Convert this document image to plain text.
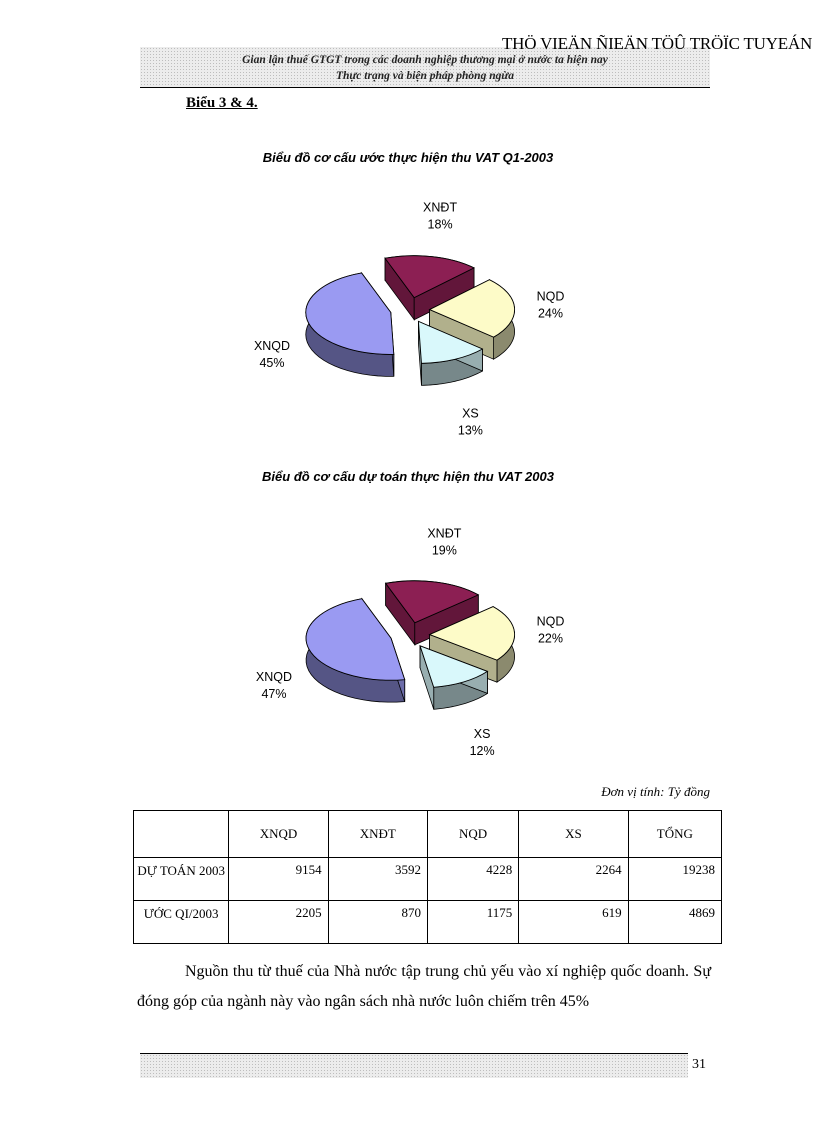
THÖ VIEÄN ÑIEÄN TÖÛ TRÖÏC TUYEÁN
Gian lận thuế GTGT trong các doanh nghiệp thương mại ở nước ta hiện nay
Thực trạng và biện pháp phòng ngừa
Biểu 3 & 4.
Biểu đồ cơ cấu ước thực hiện thu VAT Q1-2003
XNĐT
18%
NQD
24%
XS
13%
XNQD
45%
Biểu đồ cơ cấu dự toán thực hiện thu VAT 2003
XNĐT
19%
NQD
22%
XS
12%
XNQD
47%
Đơn vị tính: Tỷ đồng
	XNQD	XNĐT	NQD	XS	TỔNG
DỰ TOÁN 2003	9154	3592	4228	2264	19238
ƯỚC QI/2003	2205	870	1175	619	4869
Nguồn thu từ thuế của Nhà nước tập trung chủ yếu vào xí nghiệp quốc doanh. Sự đóng góp của ngành này vào ngân sách nhà nước luôn chiếm trên 45%
31
